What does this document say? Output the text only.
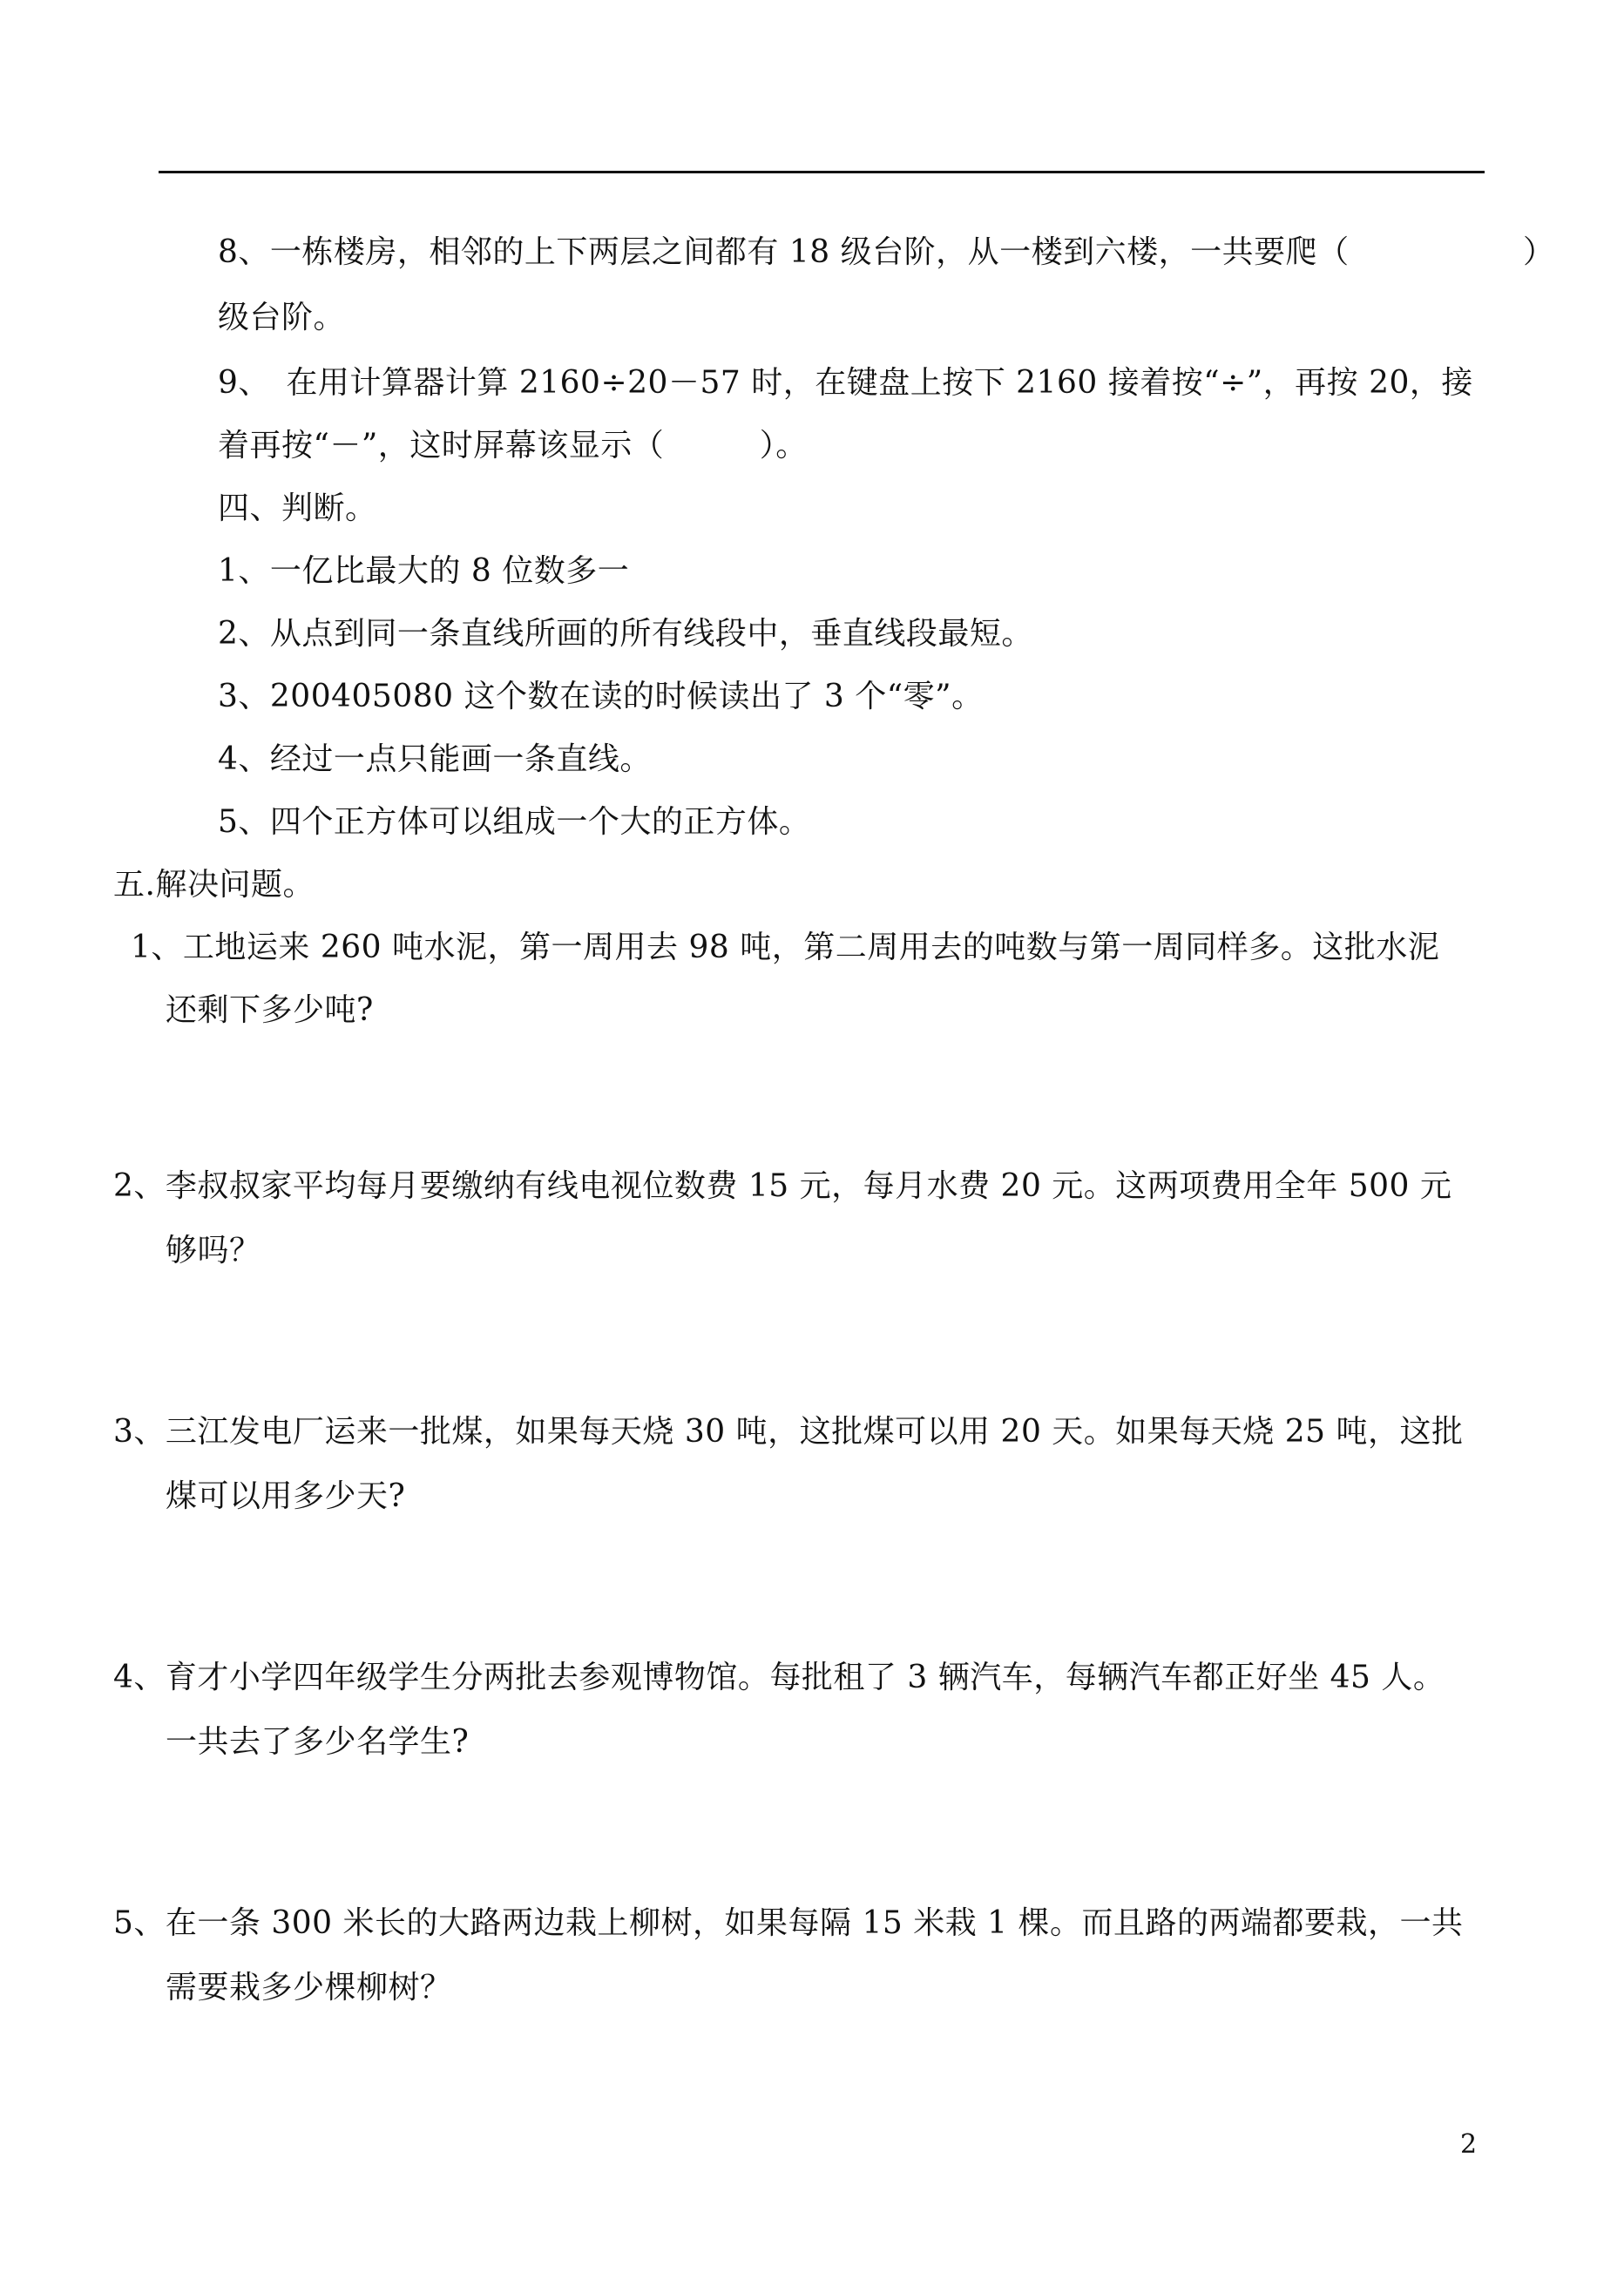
8、一栋楼房，相邻的上下两层之间都有 18 级台阶，从一楼到六楼，一共要爬（	）
级台阶。
9、　在用计算器计算 2160÷20－57 时，在键盘上按下 2160 接着按“÷”，再按 20，接
着再按“－”，这时屏幕该显示（　　　）。
四、判断。
1、一亿比最大的 8 位数多一
2、从点到同一条直线所画的所有线段中，垂直线段最短。
3、200405080 这个数在读的时候读出了 3 个“零”。
4、经过一点只能画一条直线。
5、四个正方体可以组成一个大的正方体。
五.解决问题。
1、工地运来 260 吨水泥，第一周用去 98 吨，第二周用去的吨数与第一周同样多。这批水泥
还剩下多少吨?
2、李叔叔家平均每月要缴纳有线电视位数费 15 元，每月水费 20 元。这两项费用全年 500 元
够吗？
3、三江发电厂运来一批煤，如果每天烧 30 吨，这批煤可以用 20 天。如果每天烧 25 吨，这批
煤可以用多少天?
4、育才小学四年级学生分两批去参观博物馆。每批租了 3 辆汽车，每辆汽车都正好坐 45 人。
一共去了多少名学生?
5、在一条 300 米长的大路两边栽上柳树，如果每隔 15 米栽 1 棵。而且路的两端都要栽，一共
需要栽多少棵柳树？
2
